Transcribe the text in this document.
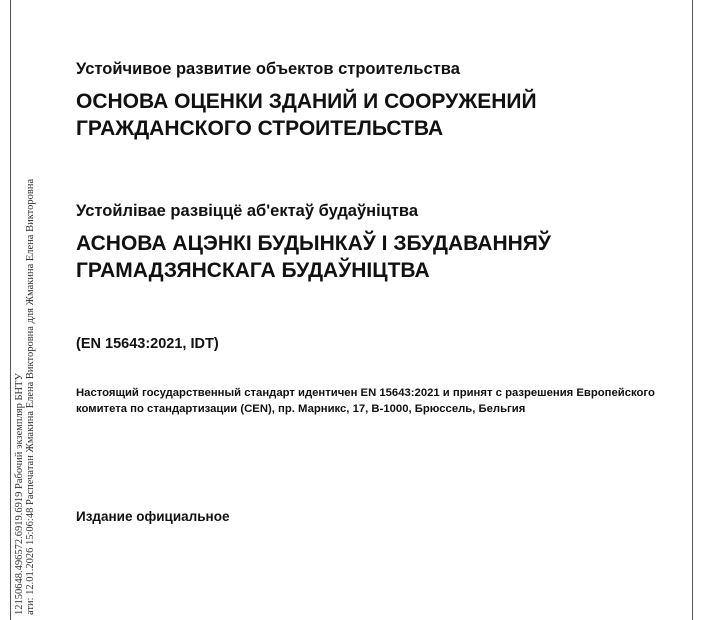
12150648.496572.6919.6919 Рабочий экземпляр БНТУ ати: 12.01.2026 15:06:48 Распечатан Жмакина Елена Викторовна для Жмакина Елена Викторовна
Устойчивое развитие объектов строительства
ОСНОВА ОЦЕНКИ ЗДАНИЙ И СООРУЖЕНИЙ
ГРАЖДАНСКОГО СТРОИТЕЛЬСТВА
Устойлівае развіццё аб'ектаў будаўніцтва
АСНОВА АЦЭНКІ БУДЫНКАЎ І ЗБУДАВАННЯЎ
ГРАМАДЗЯНСКАГА БУДАЎНІЦТВА
(EN 15643:2021, IDT)
Настоящий государственный стандарт идентичен EN 15643:2021 и принят с разрешения Европейского
комитета по стандартизации (CEN), пр. Марникс, 17, B-1000, Брюссель, Бельгия
Издание официальное
